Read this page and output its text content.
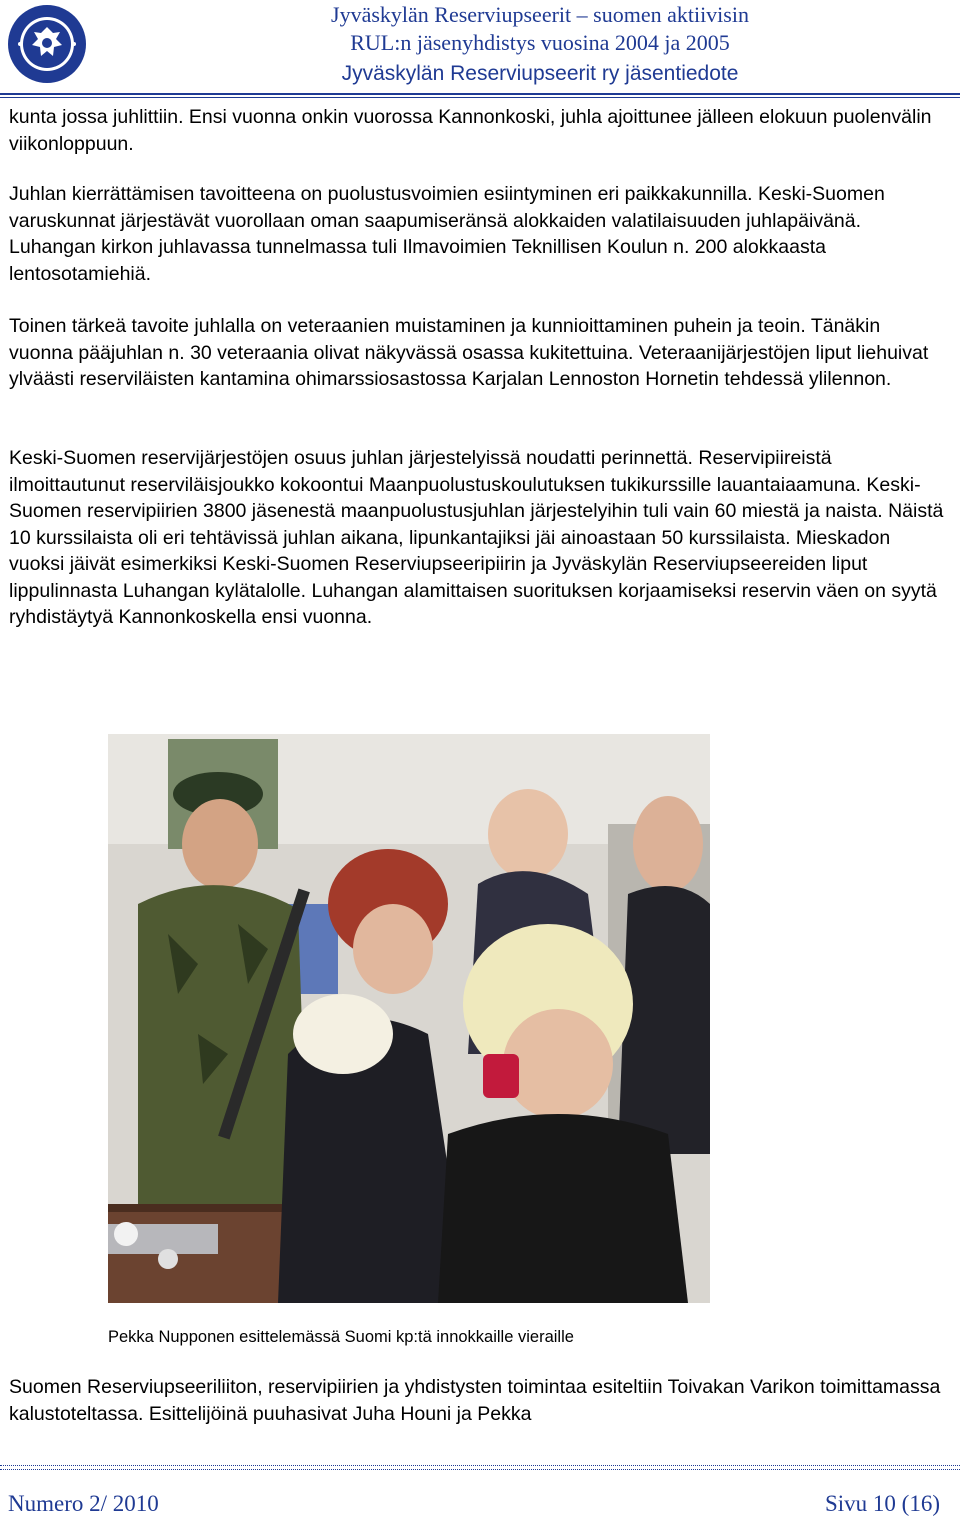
Jyväskylän Reserviupseerit – suomen aktiivisin
RUL:n jäsenyhdistys vuosina 2004 ja 2005
Jyväskylän Reserviupseerit ry jäsentiedote

kunta jossa juhlittiin. Ensi vuonna onkin vuorossa Kannonkoski, juhla ajoittunee jälleen elokuun puolenvälin viikonloppuun.

Juhlan kierrättämisen tavoitteena on puolustusvoimien esiintyminen eri paikkakunnilla. Keski-Suomen varuskunnat järjestävät vuorollaan oman saapumiseränsä alokkaiden valatilaisuuden juhlapäivänä. Luhangan kirkon juhlavassa tunnelmassa tuli Ilmavoimien Teknillisen Koulun n. 200 alokkaasta lentosotamiehiä.

Toinen tärkeä tavoite juhlalla on veteraanien muistaminen ja kunnioittaminen puhein ja teoin. Tänäkin vuonna pääjuhlan n. 30 veteraania olivat näkyvässä osassa kukitettuina. Veteraanijärjestöjen liput liehuivat ylväästi reserviläisten kantamina ohimarssiosastossa Karjalan Lennoston Hornetin tehdessä ylilennon.

Keski-Suomen reservijärjestöjen osuus juhlan järjestelyissä noudatti perinnettä. Reservipiireistä ilmoittautunut reserviläisjoukko kokoontui Maanpuolustuskoulutuksen tukikurssille lauantaiaamuna. Keski-Suomen reservipiirien 3800 jäsenestä maanpuolustusjuhlan järjestelyihin tuli vain 60 miestä ja naista. Näistä 10 kurssilaista oli eri tehtävissä juhlan aikana, lipunkantajiksi jäi ainoastaan 50 kurssilaista. Mieskadon vuoksi jäivät esimerkiksi Keski-Suomen Reserviupseeripiirin ja Jyväskylän Reserviupseereiden liput lippulinnasta Luhangan kylätalolle. Luhangan alamittaisen suorituksen korjaamiseksi reservin väen on syytä ryhdistäytyä Kannonkoskella ensi vuonna.

Pekka Nupponen esittelemässä Suomi kp:tä innokkaille vieraille

Suomen Reserviupseeriliiton, reservipiirien ja yhdistysten toimintaa esiteltiin Toivakan Varikon toimittamassa kalustoteltassa. Esittelijöinä puuhasivat Juha Houni ja Pekka

Numero 2/ 2010	Sivu 10 (16)
